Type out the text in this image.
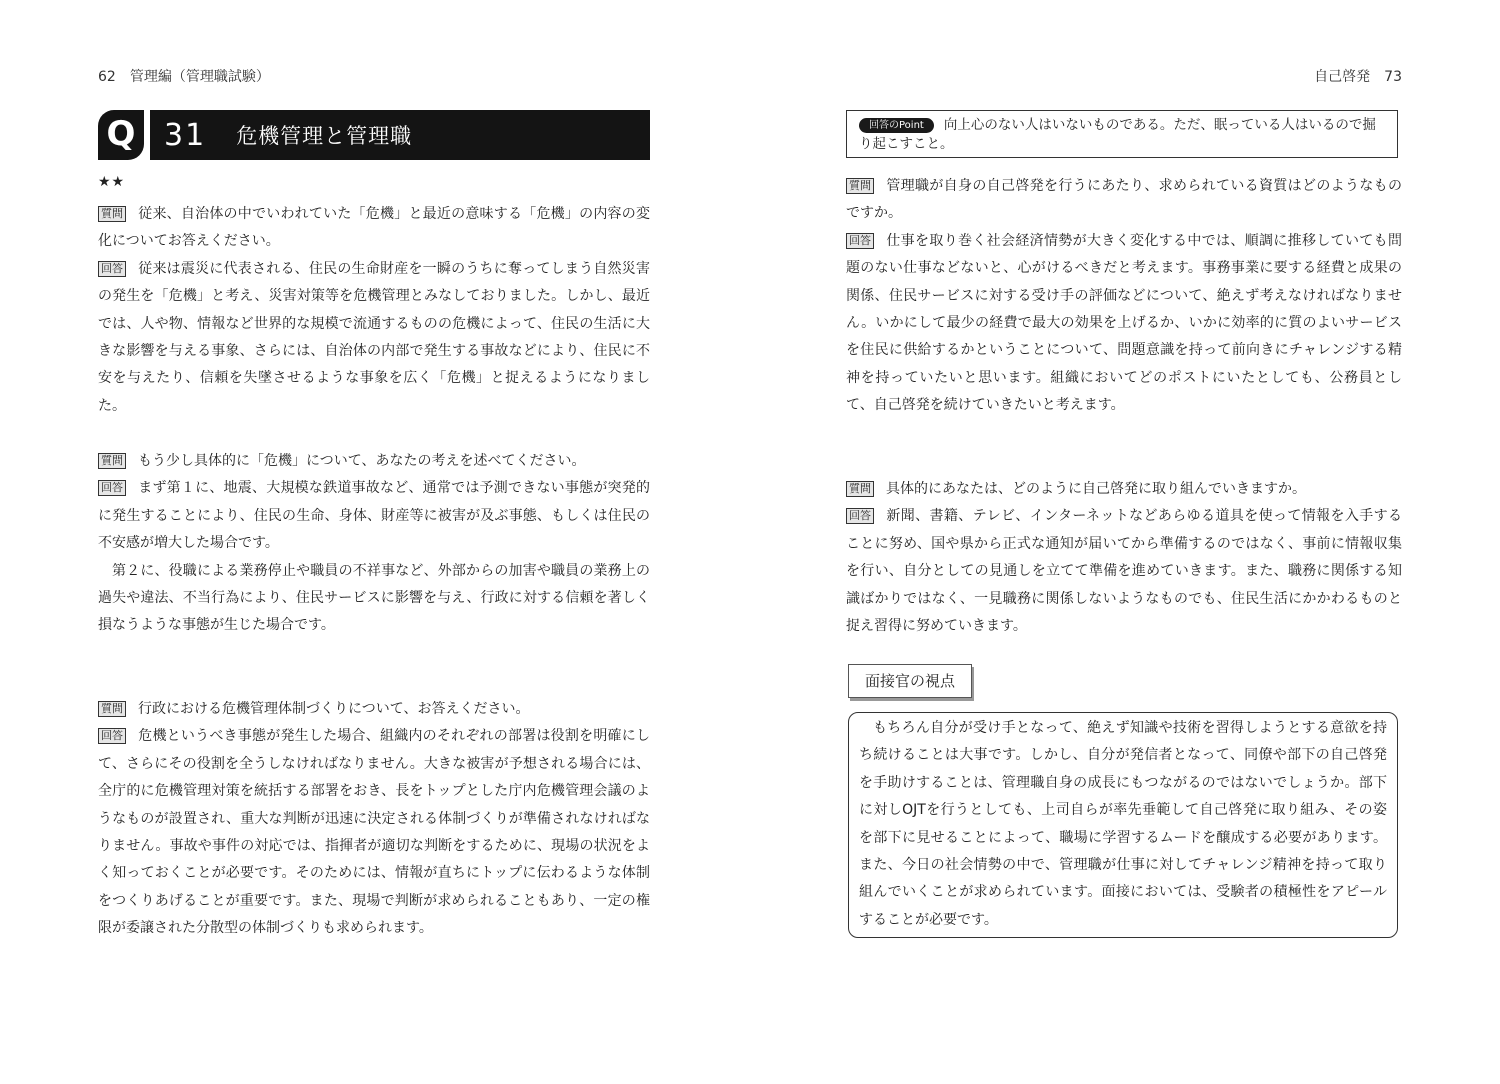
62　管理編（管理職試験）
Q 31 危機管理と管理職
★★

質問 従来、自治体の中でいわれていた「危機」と最近の意味する「危機」の内容の変化についてお答えください。

回答 従来は震災に代表される、住民の生命財産を一瞬のうちに奪ってしまう自然災害の発生を「危機」と考え、災害対策等を危機管理とみなしておりました。しかし、最近では、人や物、情報など世界的な規模で流通するものの危機によって、住民の生活に大きな影響を与える事象、さらには、自治体の内部で発生する事故などにより、住民に不安を与えたり、信頼を失墜させるような事象を広く「危機」と捉えるようになりました。

質問 もう少し具体的に「危機」について、あなたの考えを述べてください。

回答 まず第１に、地震、大規模な鉄道事故など、通常では予測できない事態が突発的に発生することにより、住民の生命、身体、財産等に被害が及ぶ事態、もしくは住民の不安感が増大した場合です。

第２に、役職による業務停止や職員の不祥事など、外部からの加害や職員の業務上の過失や違法、不当行為により、住民サービスに影響を与え、行政に対する信頼を著しく損なうような事態が生じた場合です。

質問 行政における危機管理体制づくりについて、お答えください。

回答 危機というべき事態が発生した場合、組織内のそれぞれの部署は役割を明確にして、さらにその役割を全うしなければなりません。大きな被害が予想される場合には、全庁的に危機管理対策を統括する部署をおき、長をトップとした庁内危機管理会議のようなものが設置され、重大な判断が迅速に決定される体制づくりが準備されなければなりません。事故や事件の対応では、指揮者が適切な判断をするために、現場の状況をよく知っておくことが必要です。そのためには、情報が直ちにトップに伝わるような体制をつくりあげることが重要です。また、現場で判断が求められることもあり、一定の権限が委譲された分散型の体制づくりも求められます。

自己啓発　73
回答のPoint 向上心のない人はいないものである。ただ、眠っている人はいるので掘り起こすこと。

質問 管理職が自身の自己啓発を行うにあたり、求められている資質はどのようなものですか。

回答 仕事を取り巻く社会経済情勢が大きく変化する中では、順調に推移していても問題のない仕事などないと、心がけるべきだと考えます。事務事業に要する経費と成果の関係、住民サービスに対する受け手の評価などについて、絶えず考えなければなりません。いかにして最少の経費で最大の効果を上げるか、いかに効率的に質のよいサービスを住民に供給するかということについて、問題意識を持って前向きにチャレンジする精神を持っていたいと思います。組織においてどのポストにいたとしても、公務員として、自己啓発を続けていきたいと考えます。

質問 具体的にあなたは、どのように自己啓発に取り組んでいきますか。

回答 新聞、書籍、テレビ、インターネットなどあらゆる道具を使って情報を入手することに努め、国や県から正式な通知が届いてから準備するのではなく、事前に情報収集を行い、自分としての見通しを立てて準備を進めていきます。また、職務に関係する知識ばかりではなく、一見職務に関係しないようなものでも、住民生活にかかわるものと捉え習得に努めていきます。

面接官の視点
もちろん自分が受け手となって、絶えず知識や技術を習得しようとする意欲を持ち続けることは大事です。しかし、自分が発信者となって、同僚や部下の自己啓発を手助けすることは、管理職自身の成長にもつながるのではないでしょうか。部下に対しOJTを行うとしても、上司自らが率先垂範して自己啓発に取り組み、その姿を部下に見せることによって、職場に学習するムードを醸成する必要があります。また、今日の社会情勢の中で、管理職が仕事に対してチャレンジ精神を持って取り組んでいくことが求められています。面接においては、受験者の積極性をアピールすることが必要です。
